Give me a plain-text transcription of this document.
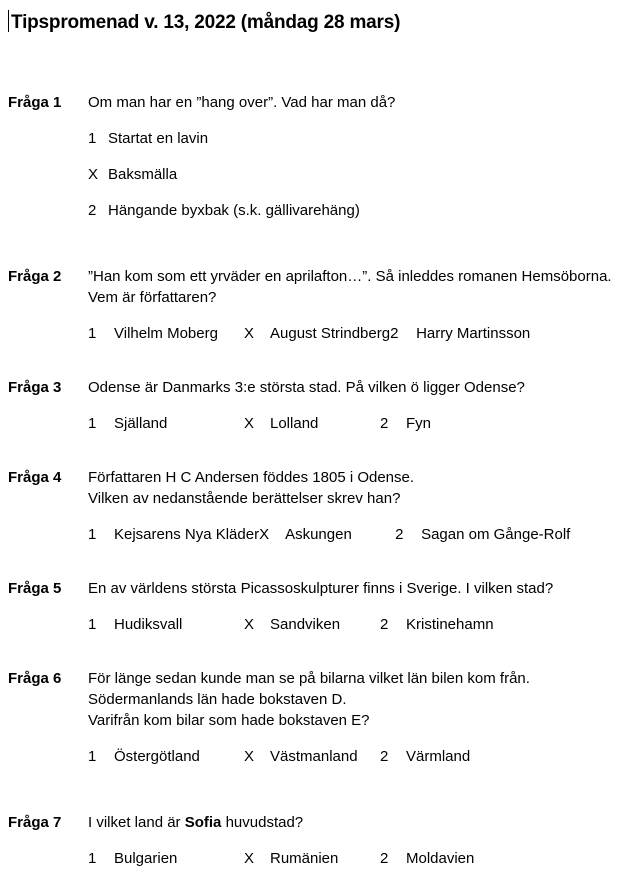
Tipspromenad v. 13, 2022 (måndag 28 mars)
Fråga 1	Om man har en ”hang over”. Vad har man då?
1 Startat en lavin
X Baksmälla
2 Hängande byxbak (s.k. gällivarehäng)
Fråga 2	”Han kom som ett yrväder en aprilafton…”. Så inleddes romanen Hemsöborna.
Vem är författaren?
1	Vilhelm Moberg X	August Strindberg 2	Harry Martinsson
Fråga 3	Odense är Danmarks 3:e största stad. På vilken ö ligger Odense?
1	Själland	X	Lolland	2	Fyn
Fråga 4	Författaren H C Andersen föddes 1805 i Odense.
Vilken av nedanstående berättelser skrev han?
1	Kejsarens Nya Kläder X	Askungen	2	Sagan om Gånge-Rolf
Fråga 5	En av världens största Picassoskulpturer finns i Sverige. I vilken stad?
1	Hudiksvall	X	Sandviken	2	Kristinehamn
Fråga 6	För länge sedan kunde man se på bilarna vilket län bilen kom från.
Södermanlands län hade bokstaven D.
Varifrån kom bilar som hade bokstaven E?
1	Östergötland	X	Västmanland 2	Värmland
Fråga 7	I vilket land är Sofia huvudstad?
1	Bulgarien	X	Rumänien	2	Moldavien
